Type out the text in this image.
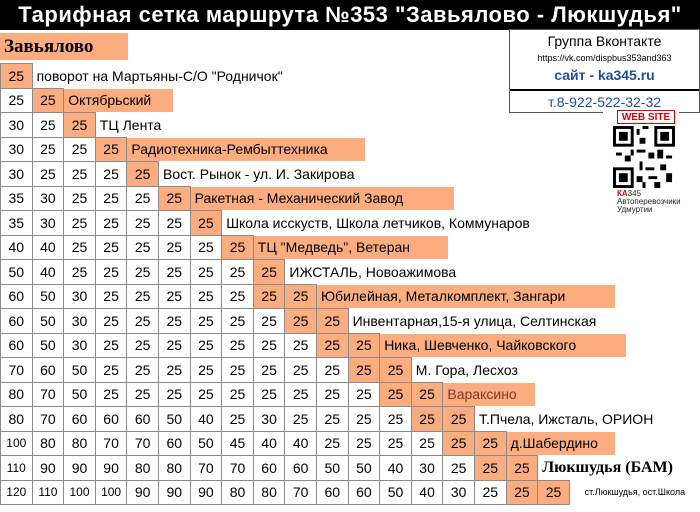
Тарифная сетка маршрута №353 "Завьялово - Люкшудья"
Завьялово	Группа Вконтакте
https://vk.com/dispbus353and363
сайт - ka345.ru
т.8-922-522-32-32
WEB SITE
КА345 Автоперевозчики Удмуртии
25 поворот на Мартьяны-С/О "Родничок"
25	25 Октябрьский
30	25	25 ТЦ Лента
30	25	25	25 Радиотехника-Рембыттехника
30	25	25	25	25 Вост. Рынок - ул. И. Закирова
35	30	25	25	25	25 Ракетная - Механический Завод
35	30	25	25	25	25	25 Школа исскуств, Школа летчиков, Коммунаров
40	40	25	25	25	25	25	25 ТЦ "Медведь", Ветеран
50	40	25	25	25	25	25	25	25 ИЖСТАЛЬ, Новоажимова
60	50	30	25	25	25	25	25	25	25 Юбилейная, Металкомплект, Зангари
60	50	30	25	25	25	25	25	25	25	25 Инвентарная,15-я улица, Селтинская
60	50	30	25	25	25	25	25	25	25	25	25 Ника, Шевченко, Чайковского
70	60	50	25	25	25	25	25	25	25	25	25	25 М. Гора, Лесхоз
80	70	50	25	25	25	25	25	25	25	25	25	25	25 Вараксино
80	70	60	60	60	50	40	25	30	25	25	25	25	25	25 Т.Пчела, Ижсталь, ОРИОН
100 80	80	70	70	60	50	45	40	40	25	25	25	25	25	25 д.Шабердино
110	90	90	90	80	80	70	70	60	60	50	50	40	30	25	25	25 Люкшудья (БАМ)
120	110	100 100 90	90	90	80	80	70	60	60	50	40	30	25	25	25	ст.Люкшудья, ост.Школа
